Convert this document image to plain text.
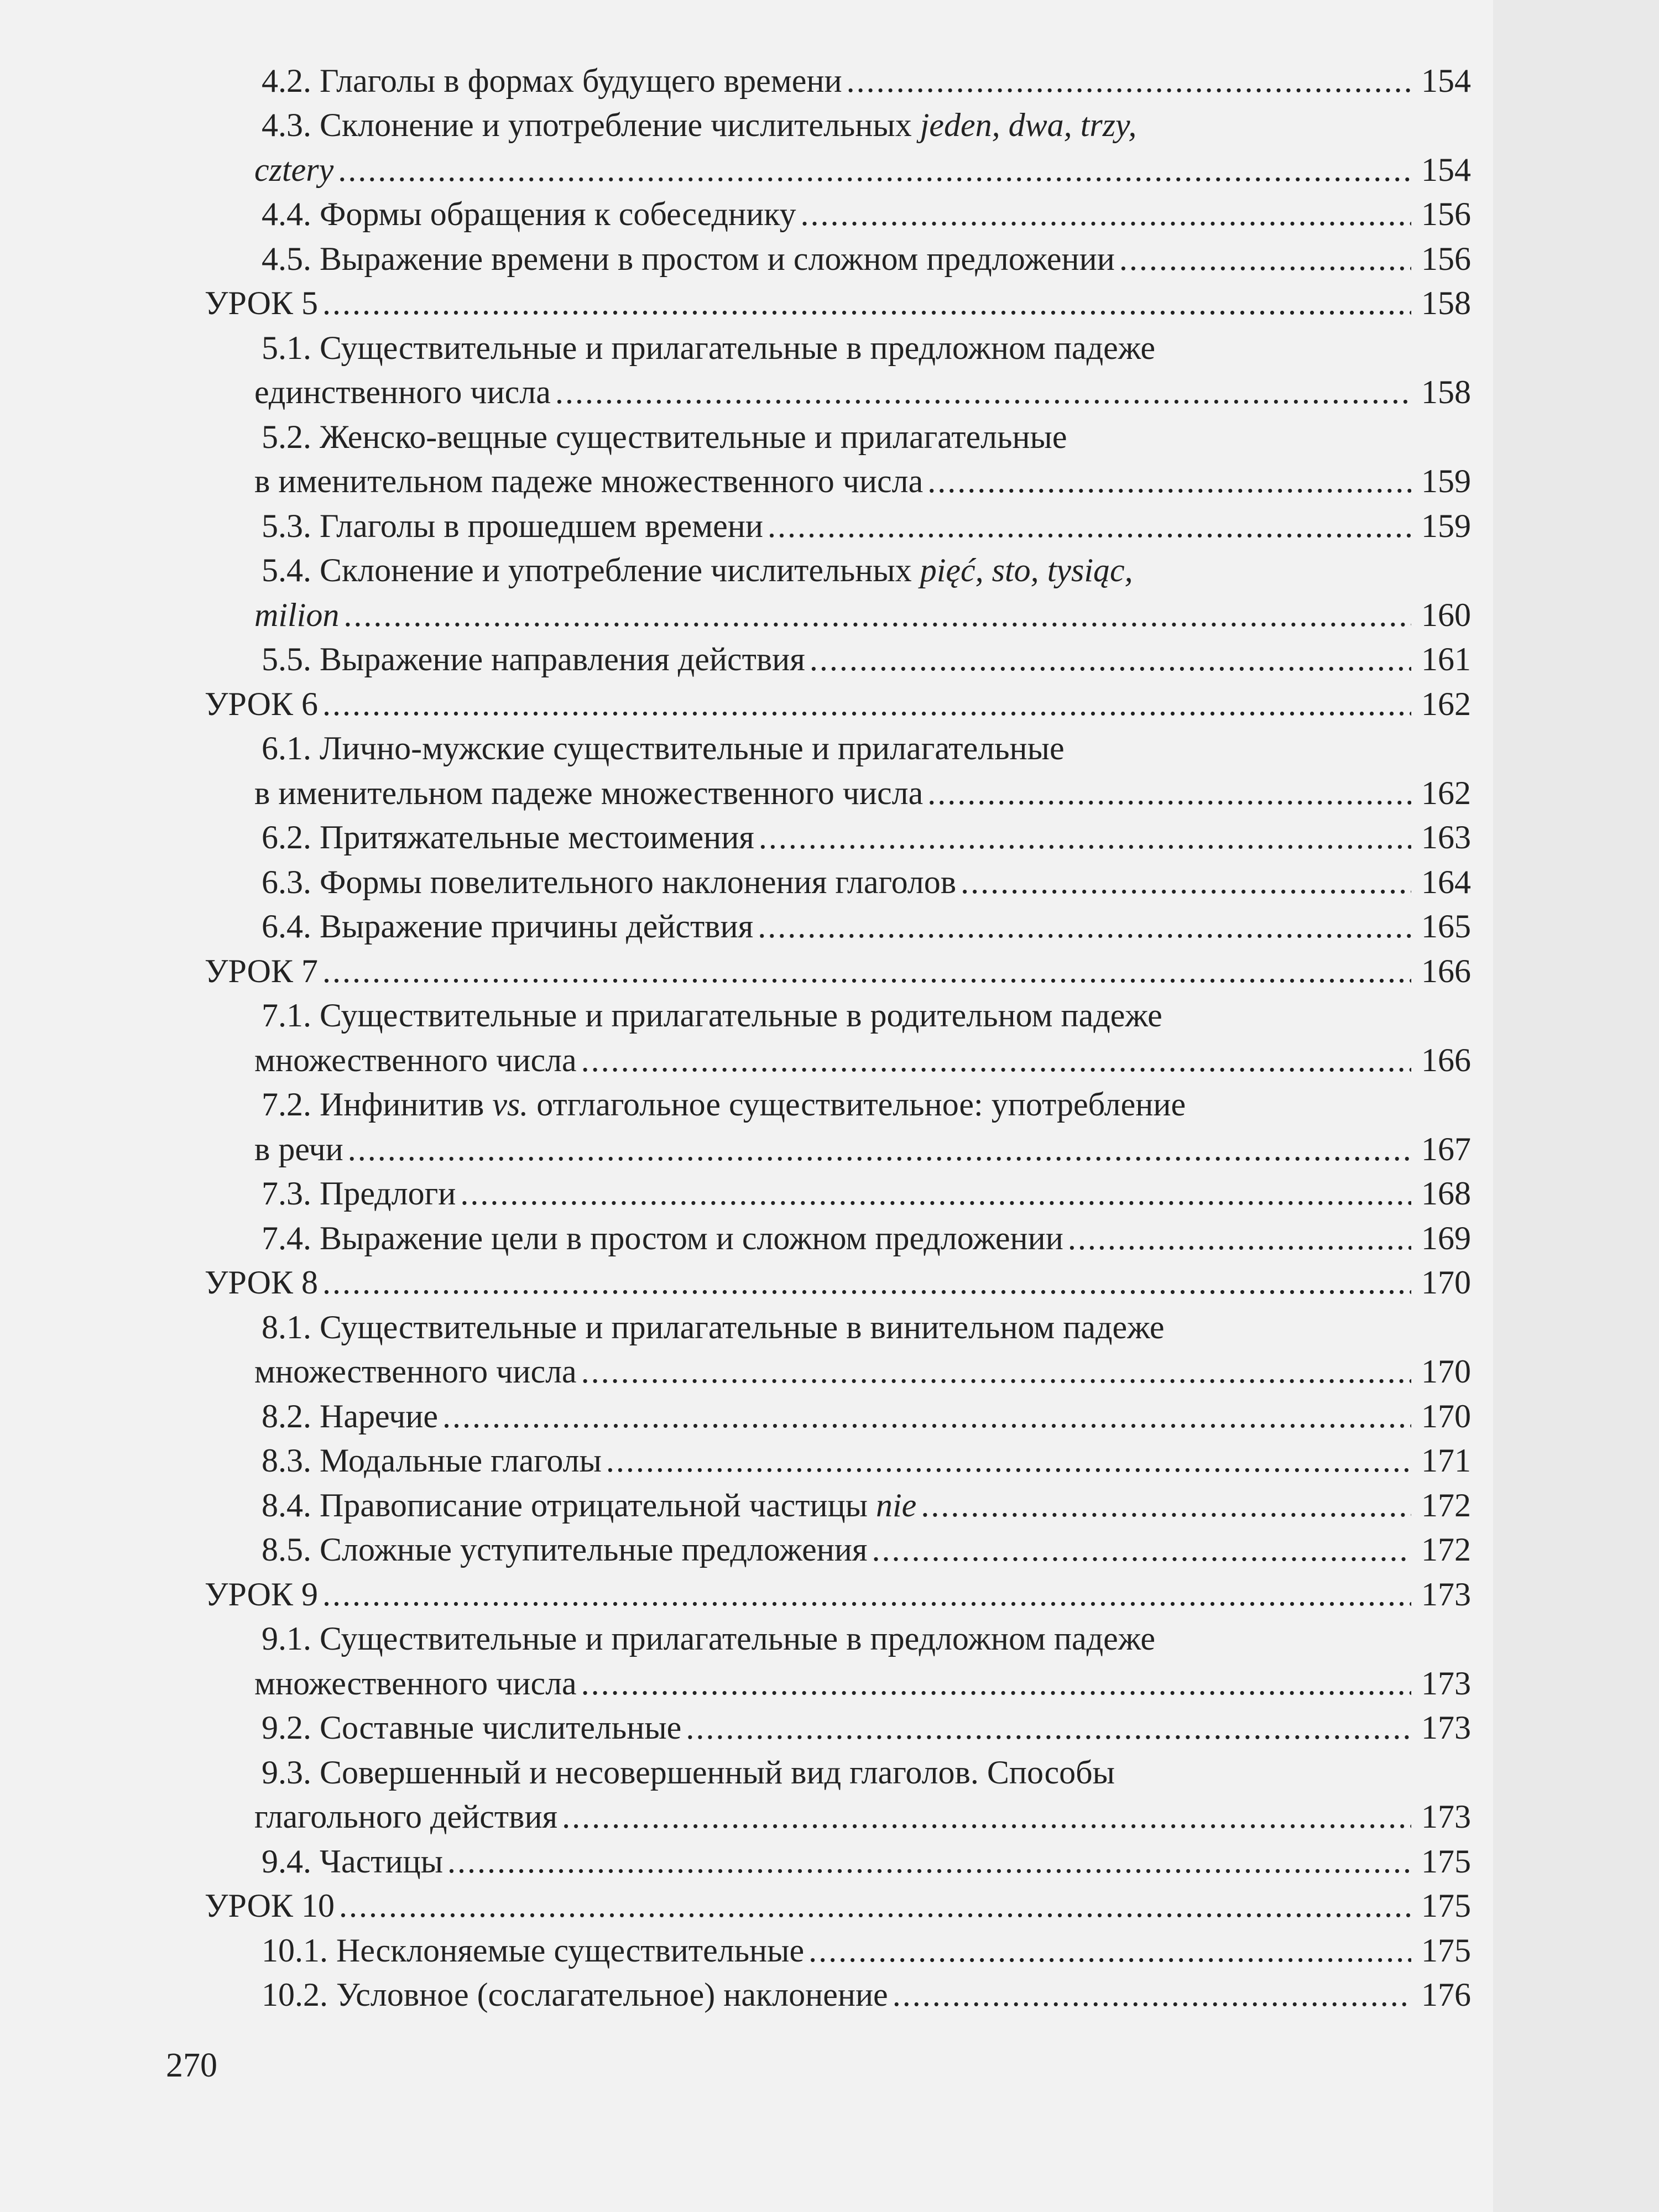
4.2. Глаголы в формах будущего времени .....	154
4.3. Склонение и употребление числительных jeden, dwa, trzy,
cztery .....	154
4.4. Формы обращения к собеседнику .....	156
4.5. Выражение времени в простом и сложном предложении .....	156
УРОК 5 .....	158
5.1. Существительные и прилагательные в предложном падеже
единственного числа .....	158
5.2. Женско-вещные существительные и прилагательные
в именительном падеже множественного числа .....	159
5.3. Глаголы в прошедшем времени .....	159
5.4. Склонение и употребление числительных pięć, sto, tysiąc,
milion .....	160
5.5. Выражение направления действия .....	161
УРОК 6 .....	162
6.1. Лично-мужские существительные и прилагательные
в именительном падеже множественного числа .....	162
6.2. Притяжательные местоимения .....	163
6.3. Формы повелительного наклонения глаголов .....	164
6.4. Выражение причины действия .....	165
УРОК 7 .....	166
7.1. Существительные и прилагательные в родительном падеже
множественного числа .....	166
7.2. Инфинитив vs. отглагольное существительное: употребление
в речи .....	167
7.3. Предлоги .....	168
7.4. Выражение цели в простом и сложном предложении .....	169
УРОК 8 .....	170
8.1. Существительные и прилагательные в винительном падеже
множественного числа .....	170
8.2. Наречие .....	170
8.3. Модальные глаголы .....	171
8.4. Правописание отрицательной частицы nie .....	172
8.5. Сложные уступительные предложения .....	172
УРОК 9 .....	173
9.1. Существительные и прилагательные в предложном падеже
множественного числа .....	173
9.2. Составные числительные .....	173
9.3. Совершенный и несовершенный вид глаголов. Способы
глагольного действия .....	173
9.4. Частицы .....	175
УРОК 10 .....	175
10.1. Несклоняемые существительные .....	175
10.2. Условное (сослагательное) наклонение .....	176
270
